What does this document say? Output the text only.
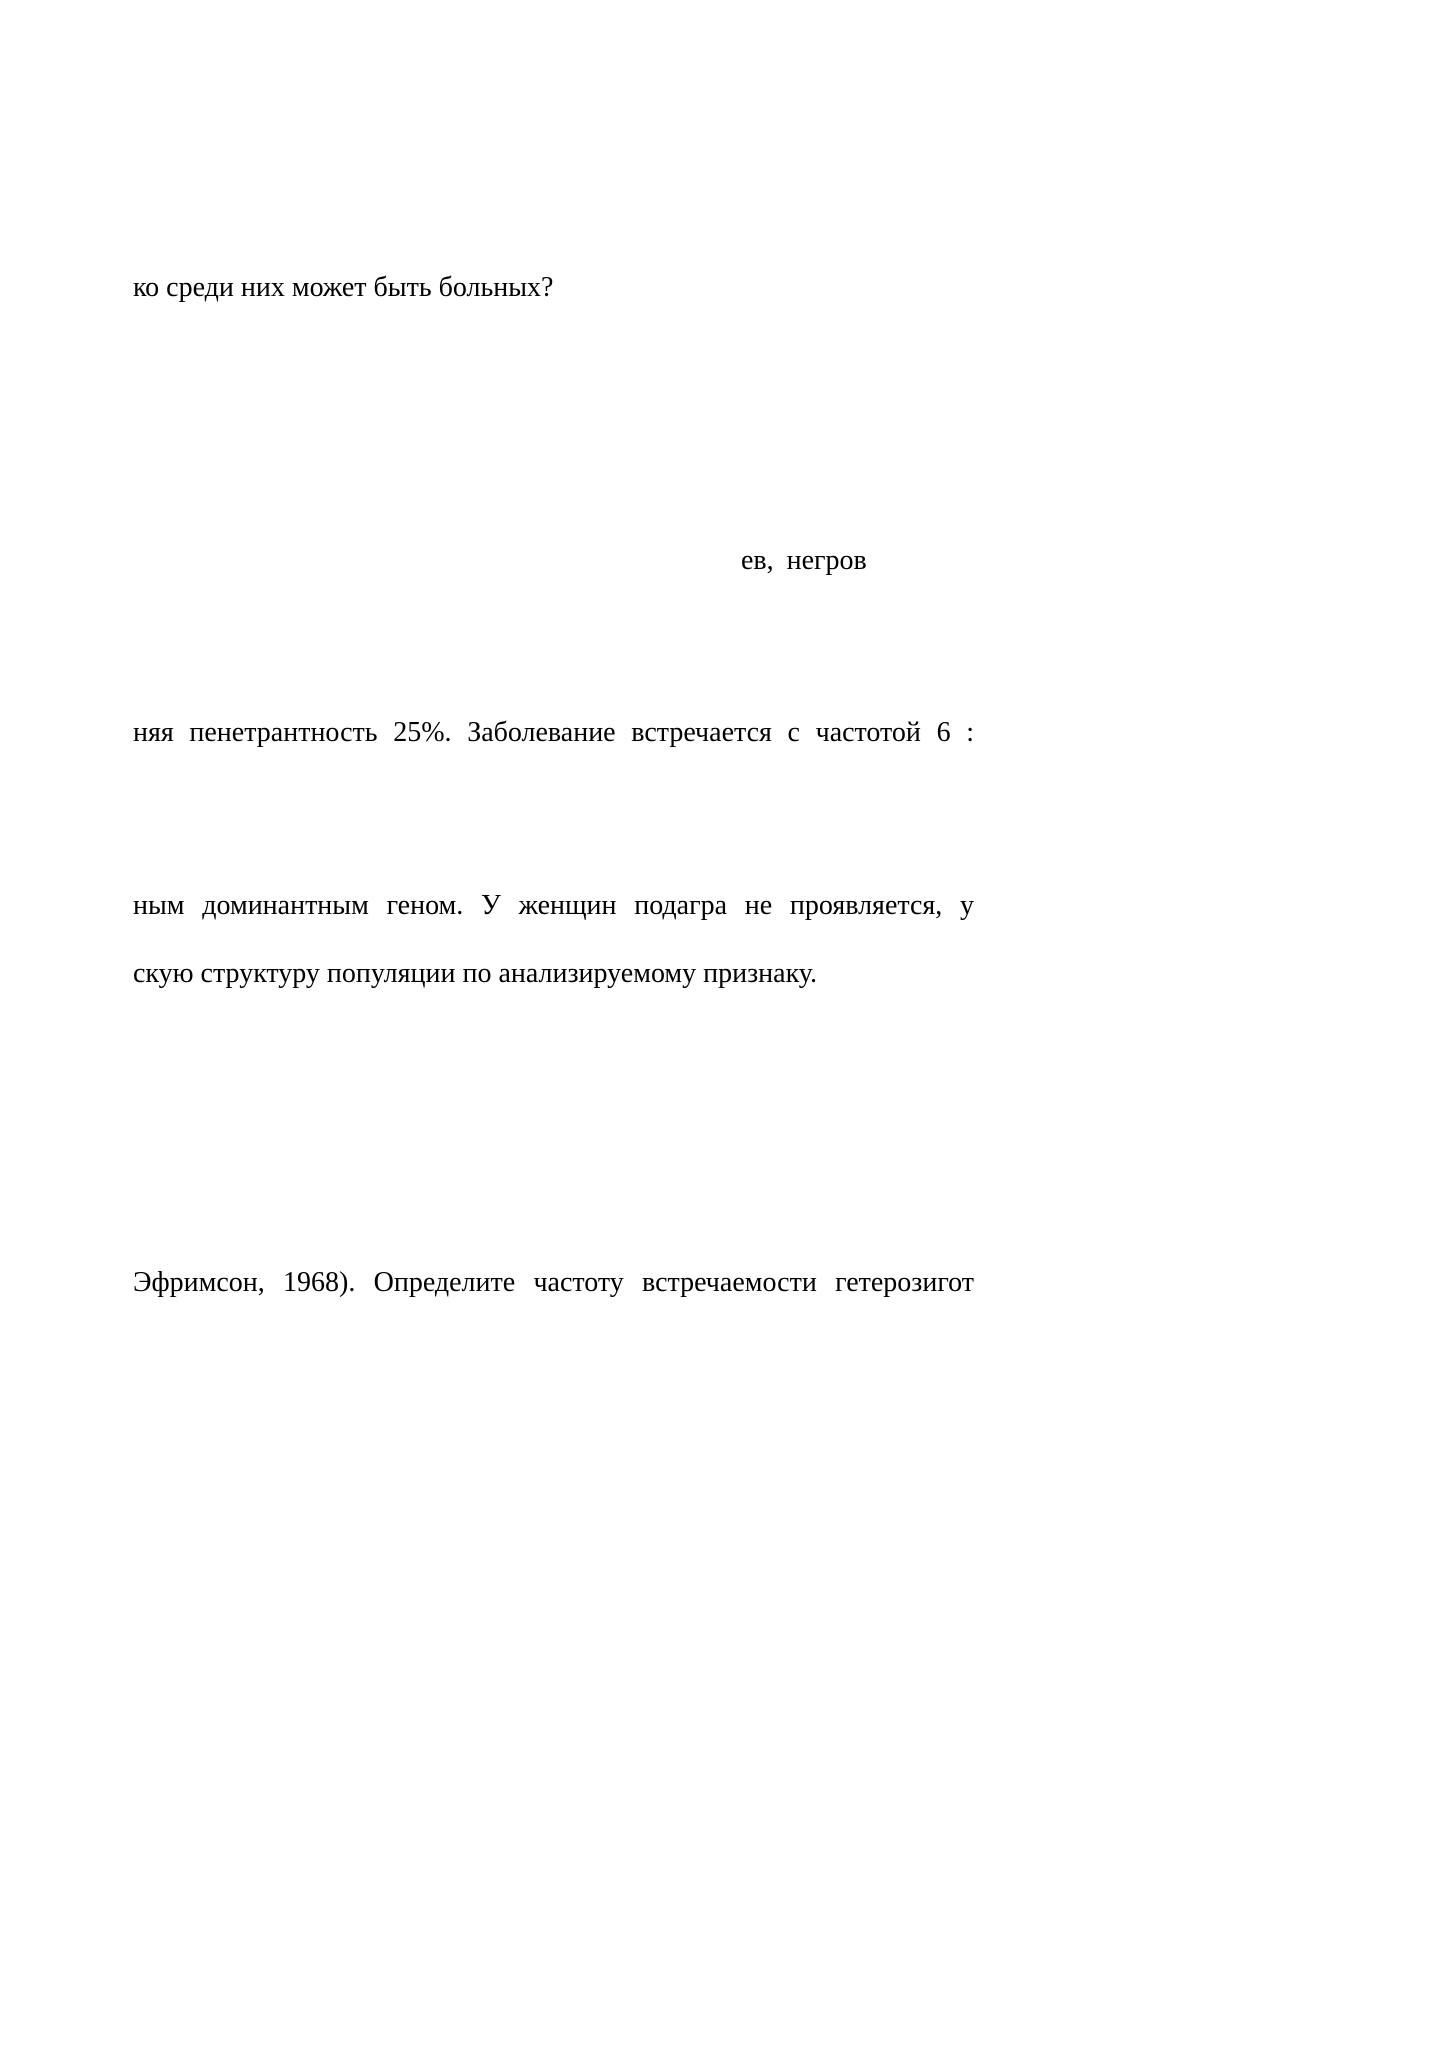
ко среди них может быть больных?
ев, негров
няя пенетрантность 25%. Заболевание встречается с частотой 6 :
ным доминантным геном. У женщин подагра не проявляется, у
скую структуру популяции по анализируемому признаку.
Эфримсон, 1968). Определите частоту встречаемости гетерозигот
